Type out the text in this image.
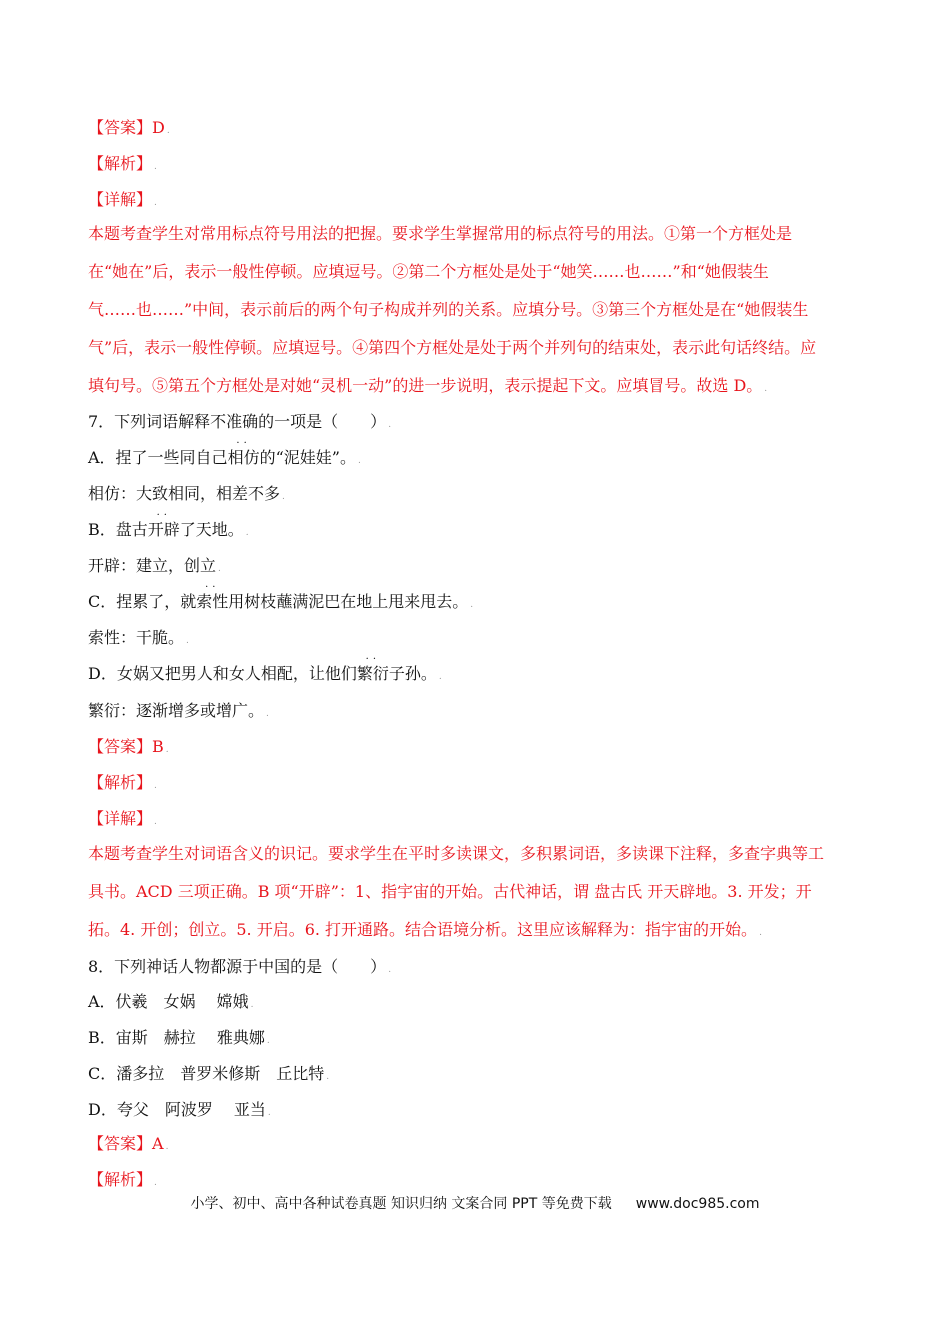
【答案】D .
【解析】 .
【详解】 .
本题考查学生对常用标点符号用法的把握。要求学生掌握常用的标点符号的用法。①第一个方框处是
在“她在”后，表示一般性停顿。应填逗号。②第二个方框处是处于“她笑……也……”和“她假装生
气……也……”中间，表示前后的两个句子构成并列的关系。应填分号。③第三个方框处是在“她假装生
气”后，表示一般性停顿。应填逗号。④第四个方框处是处于两个并列句的结束处，表示此句话终结。应
填句号。⑤第五个方框处是对她“灵机一动”的进一步说明，表示提起下文。应填冒号。故选 D。 .
7．下列词语解释不准确的一项是（　　） .
A．捏了一些同自己
··
相仿的“泥娃娃”。 .
相仿：大致相同，相差不多 .
B．盘古
··
开辟了天地。 .
开辟：建立，创立 .
C．捏累了，就
··
索性用树枝蘸满泥巴在地上甩来甩去。 .
索性：干脆。 .
D．女娲又把男人和女人相配，让他们
··
繁衍子孙。 .
繁衍：逐渐增多或增广。 .
【答案】B .
【解析】 .
【详解】 .
本题考查学生对词语含义的识记。要求学生在平时多读课文，多积累词语，多读课下注释，多查字典等工
具书。ACD 三项正确。B 项“开辟”：1、指宇宙的开始。古代神话，谓 盘古氏 开天辟地。3. 开发；开
拓。4. 开创；创立。5. 开启。6. 打开通路。结合语境分析。这里应该解释为：指宇宙的开始。 .
8．下列神话人物都源于中国的是（　　） .
A．伏羲　女娲　 嫦娥 .
B．宙斯　赫拉　 雅典娜 .
C．潘多拉　普罗米修斯　丘比特 .
D．夸父　阿波罗　 亚当 .
【答案】A .
【解析】 .
小学、初中、高中各种试卷真题 知识归纳 文案合同 PPT 等免费下载 www.doc985.com
